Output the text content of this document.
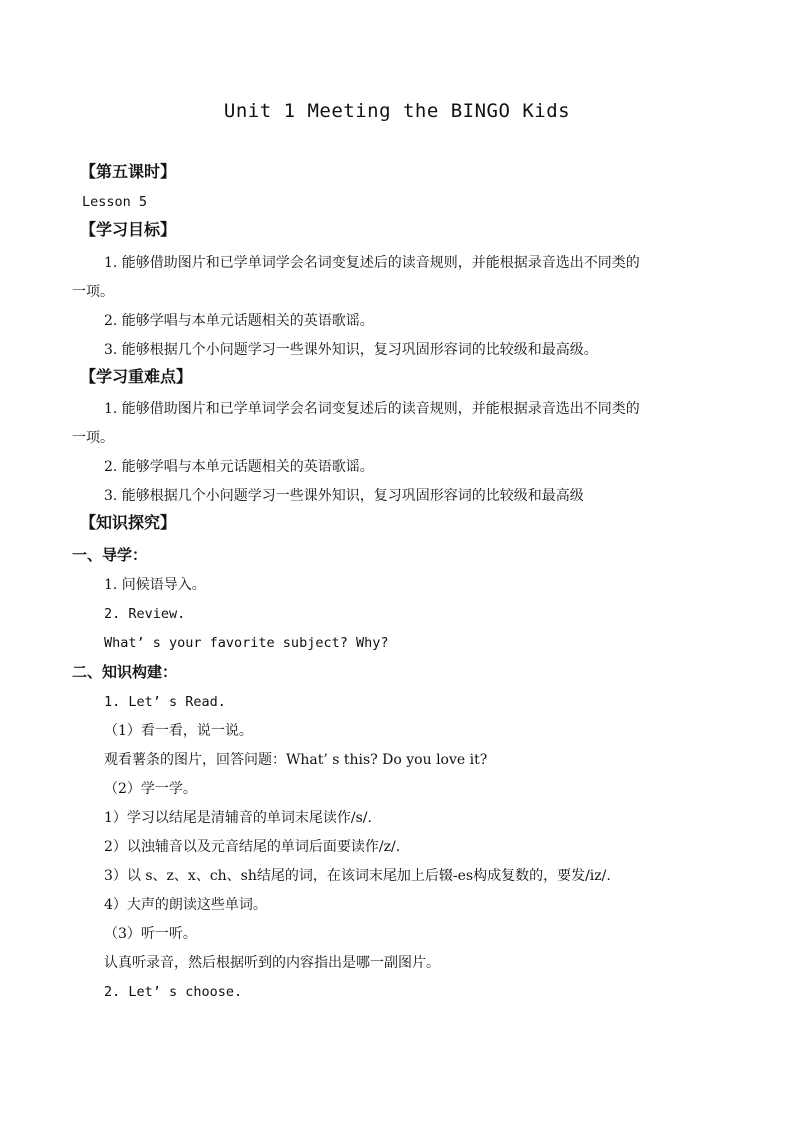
Unit 1 Meeting the BINGO Kids
【第五课时】
Lesson 5
【学习目标】
1. 能够借助图片和已学单词学会名词变复述后的读音规则，并能根据录音选出不同类的
一项。
2. 能够学唱与本单元话题相关的英语歌谣。
3. 能够根据几个小问题学习一些课外知识，复习巩固形容词的比较级和最高级。
【学习重难点】
1. 能够借助图片和已学单词学会名词变复述后的读音规则，并能根据录音选出不同类的
一项。
2. 能够学唱与本单元话题相关的英语歌谣。
3. 能够根据几个小问题学习一些课外知识，复习巩固形容词的比较级和最高级
【知识探究】
一、导学：
1. 问候语导入。
2. Review.
What’ s your favorite subject? Why?
二、知识构建：
1. Let’ s Read.
（1）看一看，说一说。
观看薯条的图片，回答问题：What’ s this? Do you love it?
（2）学一学。
1）学习以结尾是清辅音的单词末尾读作/s/.
2）以浊辅音以及元音结尾的单词后面要读作/z/.
3）以 s、z、x、ch、sh结尾的词，在该词末尾加上后辍-es构成复数的，要发/iz/.
4）大声的朗读这些单词。
（3）听一听。
认真听录音，然后根据听到的内容指出是哪一副图片。
2. Let’ s choose.
